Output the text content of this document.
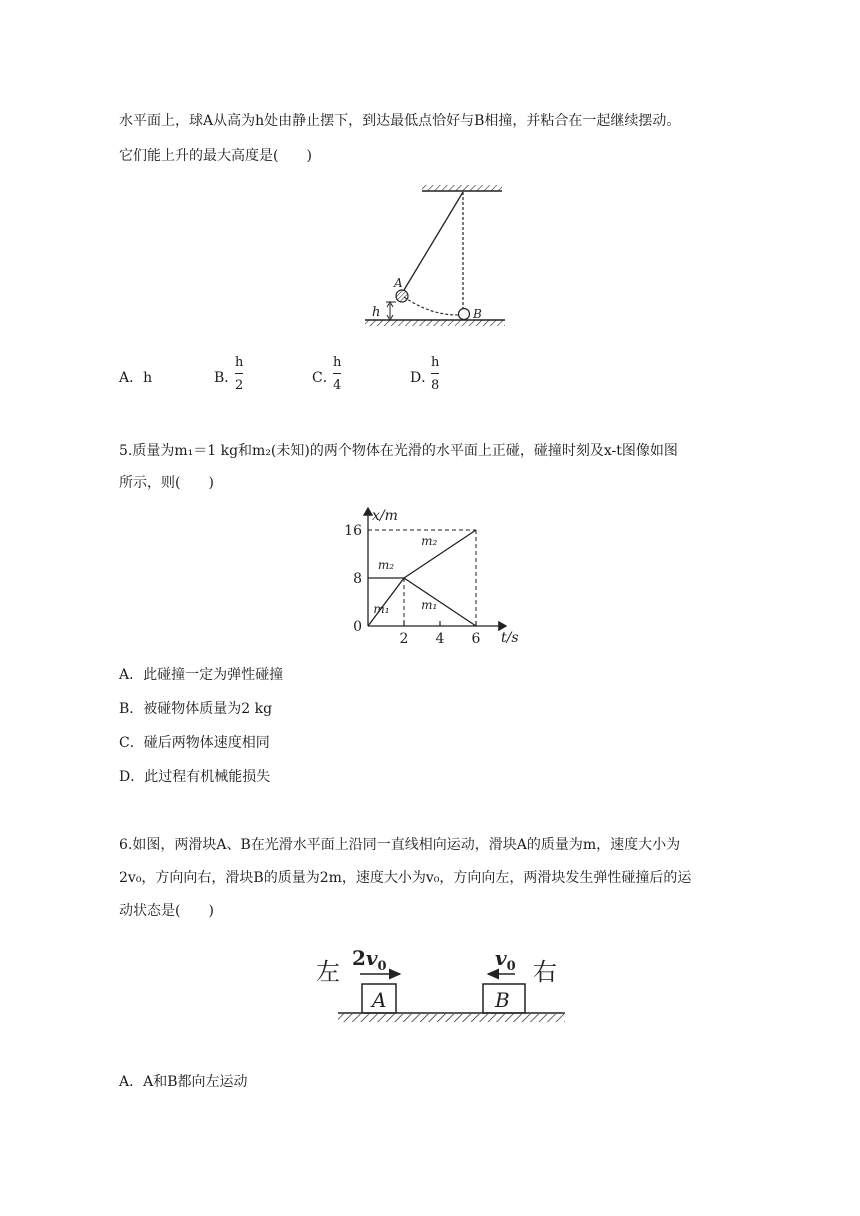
水平面上，球A从高为h处由静止摆下，到达最低点恰好与B相撞，并粘合在一起继续摆动。
它们能上升的最大高度是(　　)
h
A
B
A．h	B．
$\frac{h}{2}$	C．
$\frac{h}{4}$	D．
$\frac{h}{8}$
5.质量为m₁＝1 kg和m₂(未知)的两个物体在光滑的水平面上正碰，碰撞时刻及x-t图像如图
所示，则(　　)
x/m
t/s
0
8
16
2 4 6
m₂
m₂
m₁	m₁
A．此碰撞一定为弹性碰撞
B．被碰物体质量为2 kg
C．碰后两物体速度相同
D．此过程有机械能损失
6.如图，两滑块A、B在光滑水平面上沿同一直线相向运动，滑块A的质量为m，速度大小为
2v₀，方向向右，滑块B的质量为2m，速度大小为v₀，方向向左，两滑块发生弹性碰撞后的运
动状态是(　　)
左	右
$2v_0$	$v_0$
A	B
A．A和B都向左运动
